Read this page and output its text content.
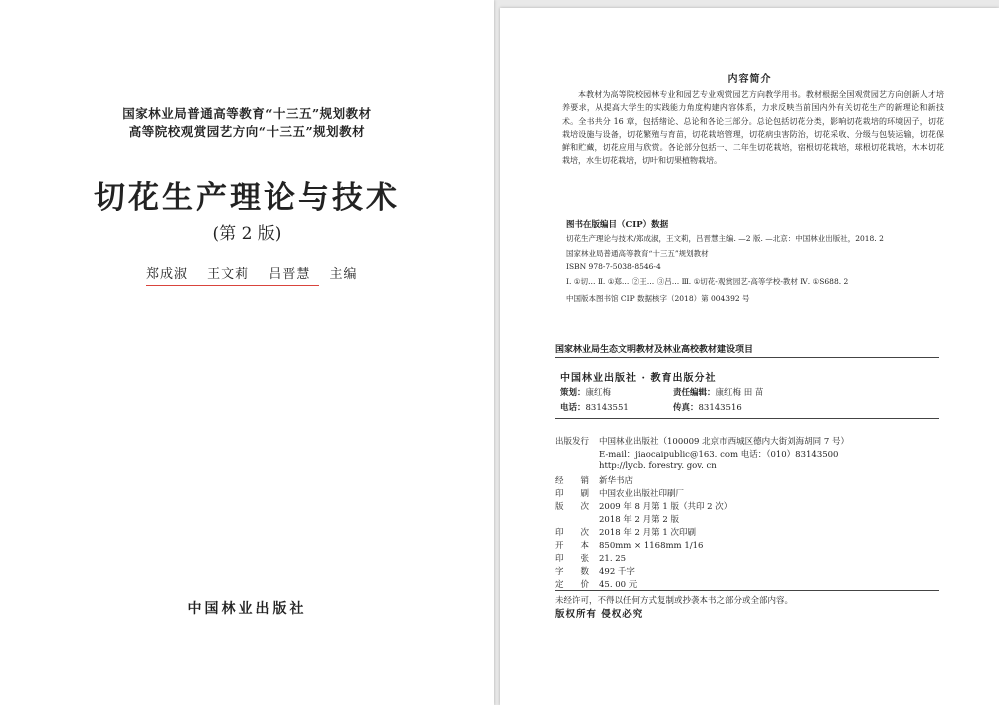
国家林业局普通高等教育“十三五”规划教材
高等院校观赏园艺方向“十三五”规划教材
切花生产理论与技术
(第 2 版)
郑成淑 王文莉 吕晋慧 主编
中国林业出版社
内容简介
本教材为高等院校园林专业和园艺专业观赏园艺方向教学用书。教材根据全国观赏园艺方向创新人才培养要求，从提高大学生的实践能力角度构建内容体系，力求反映当前国内外有关切花生产的新理论和新技术。全书共分 16 章，包括绪论、总论和各论三部分。总论包括切花分类，影响切花栽培的环境因子，切花栽培设施与设备，切花繁殖与育苗，切花栽培管理，切花病虫害防治，切花采收、分级与包装运输，切花保鲜和贮藏，切花应用与欣赏。各论部分包括一、二年生切花栽培，宿根切花栽培，球根切花栽培，木本切花栽培，水生切花栽培，切叶和切果植物栽培。
图书在版编目（CIP）数据
切花生产理论与技术/郑成淑，王文莉，吕晋慧主编. —2 版. —北京：中国林业出版社，2018. 2
国家林业局普通高等教育“十三五”规划教材
ISBN 978-7-5038-8546-4
Ⅰ. ①切… Ⅱ. ①郑… ②王… ③吕… Ⅲ. ①切花-观赏园艺-高等学校-教材 Ⅳ. ①S688. 2
中国版本图书馆 CIP 数据核字（2018）第 004392 号
国家林业局生态文明教材及林业高校教材建设项目
中国林业出版社 · 教育出版分社
策划：康红梅	责任编辑：康红梅 田 苗
电话：83143551	传真：83143516
出版发行 中国林业出版社（100009 北京市西城区德内大街刘海胡同 7 号）
E-mail：jiaocaipublic@163. com 电话：（010）83143500
http://lycb. forestry. gov. cn
经　　销 新华书店
印　　刷 中国农业出版社印刷厂
版　　次 2009 年 8 月第 1 版（共印 2 次）
2018 年 2 月第 2 版
印　　次 2018 年 2 月第 1 次印刷
开　　本 850mm × 1168mm 1/16
印　　张 21. 25
字　　数 492 千字
定　　价 45. 00 元
未经许可，不得以任何方式复制或抄袭本书之部分或全部内容。
版权所有 侵权必究
